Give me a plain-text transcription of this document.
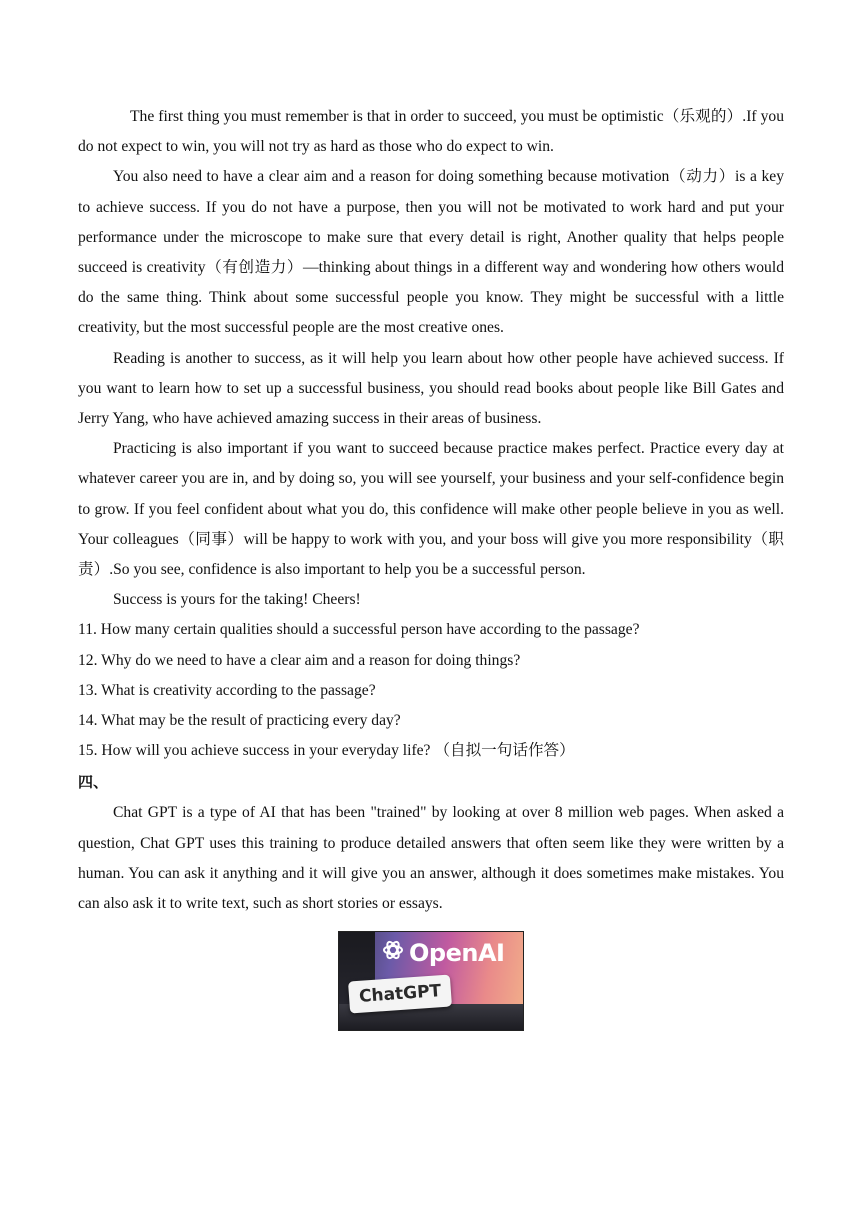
The first thing you must remember is that in order to succeed, you must be optimistic（乐观的）.If you do not expect to win, you will not try as hard as those who do expect to win.

You also need to have a clear aim and a reason for doing something because motivation（动力）is a key to achieve success. If you do not have a purpose, then you will not be motivated to work hard and put your performance under the microscope to make sure that every detail is right, Another quality that helps people succeed is creativity（有创造力）—thinking about things in a different way and wondering how others would do the same thing. Think about some successful people you know. They might be successful with a little creativity, but the most successful people are the most creative ones.

Reading is another to success, as it will help you learn about how other people have achieved success. If you want to learn how to set up a successful business, you should read books about people like Bill Gates and Jerry Yang, who have achieved amazing success in their areas of business.

Practicing is also important if you want to succeed because practice makes perfect. Practice every day at whatever career you are in, and by doing so, you will see yourself, your business and your self-confidence begin to grow. If you feel confident about what you do, this confidence will make other people believe in you as well. Your colleagues（同事）will be happy to work with you, and your boss will give you more responsibility（职责）.So you see, confidence is also important to help you be a successful person.

Success is yours for the taking! Cheers!

11. How many certain qualities should a successful person have according to the passage?

12. Why do we need to have a clear aim and a reason for doing things?

13. What is creativity according to the passage?

14. What may be the result of practicing every day?

15. How will you achieve success in your everyday life? （自拟一句话作答）

四、

Chat GPT is a type of AI that has been "trained" by looking at over 8 million web pages. When asked a question, Chat GPT uses this training to produce detailed answers that often seem like they were written by a human. You can ask it anything and it will give you an answer, although it does sometimes make mistakes. You can also ask it to write text, such as short stories or essays.

OpenAI
ChatGPT
